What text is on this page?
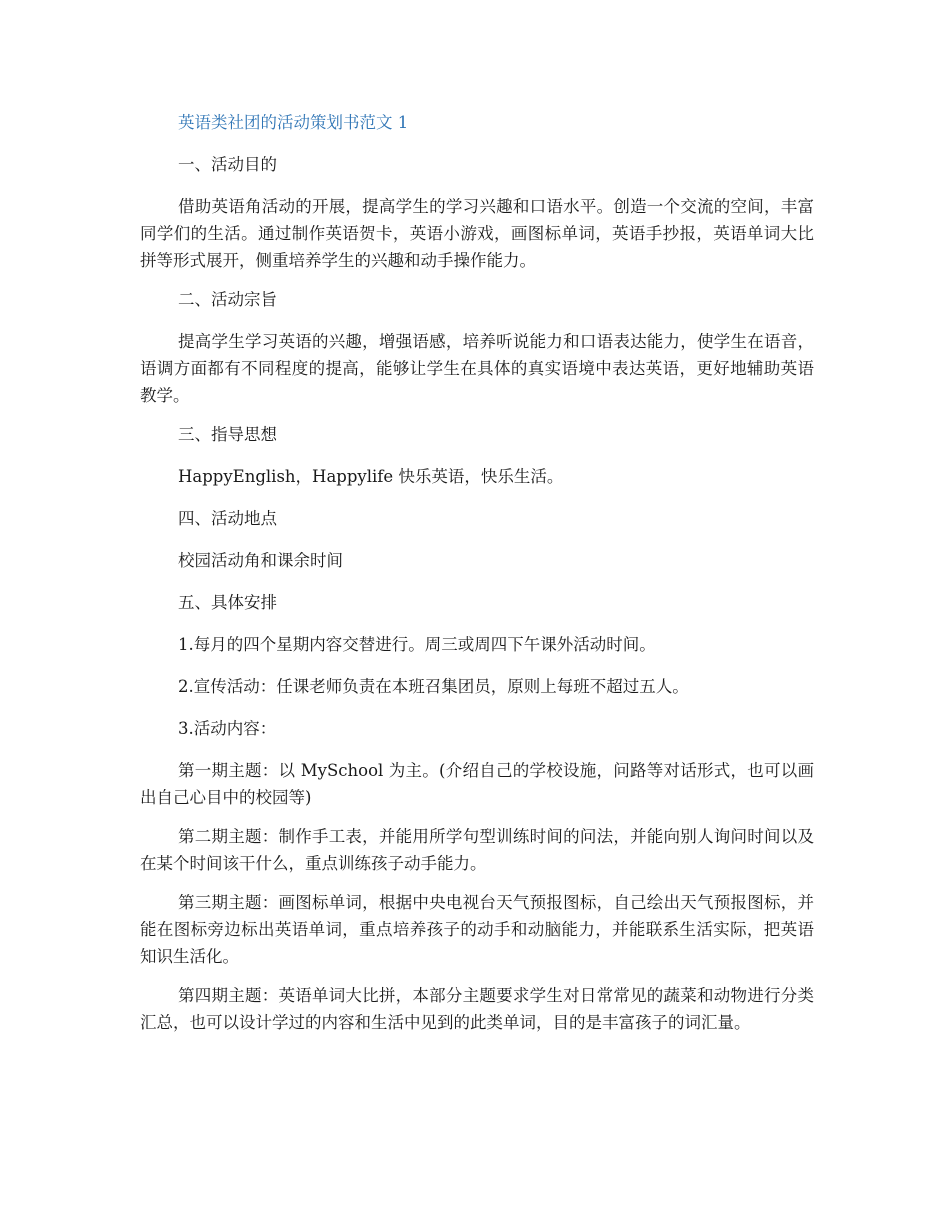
英语类社团的活动策划书范文 1
一、活动目的

借助英语角活动的开展，提高学生的学习兴趣和口语水平。创造一个交流的空间，丰富同学们的生活。通过制作英语贺卡，英语小游戏，画图标单词，英语手抄报，英语单词大比拼等形式展开，侧重培养学生的兴趣和动手操作能力。

二、活动宗旨

提高学生学习英语的兴趣，增强语感，培养听说能力和口语表达能力，使学生在语音，语调方面都有不同程度的提高，能够让学生在具体的真实语境中表达英语，更好地辅助英语教学。

三、指导思想

HappyEnglish，Happylife 快乐英语，快乐生活。

四、活动地点

校园活动角和课余时间

五、具体安排

1.每月的四个星期内容交替进行。周三或周四下午课外活动时间。

2.宣传活动：任课老师负责在本班召集团员，原则上每班不超过五人。

3.活动内容：

第一期主题：以 MySchool 为主。(介绍自己的学校设施，问路等对话形式，也可以画出自己心目中的校园等)

第二期主题：制作手工表，并能用所学句型训练时间的问法，并能向别人询问时间以及在某个时间该干什么，重点训练孩子动手能力。

第三期主题：画图标单词，根据中央电视台天气预报图标，自己绘出天气预报图标，并能在图标旁边标出英语单词，重点培养孩子的动手和动脑能力，并能联系生活实际，把英语知识生活化。

第四期主题：英语单词大比拼，本部分主题要求学生对日常常见的蔬菜和动物进行分类汇总，也可以设计学过的内容和生活中见到的此类单词，目的是丰富孩子的词汇量。
